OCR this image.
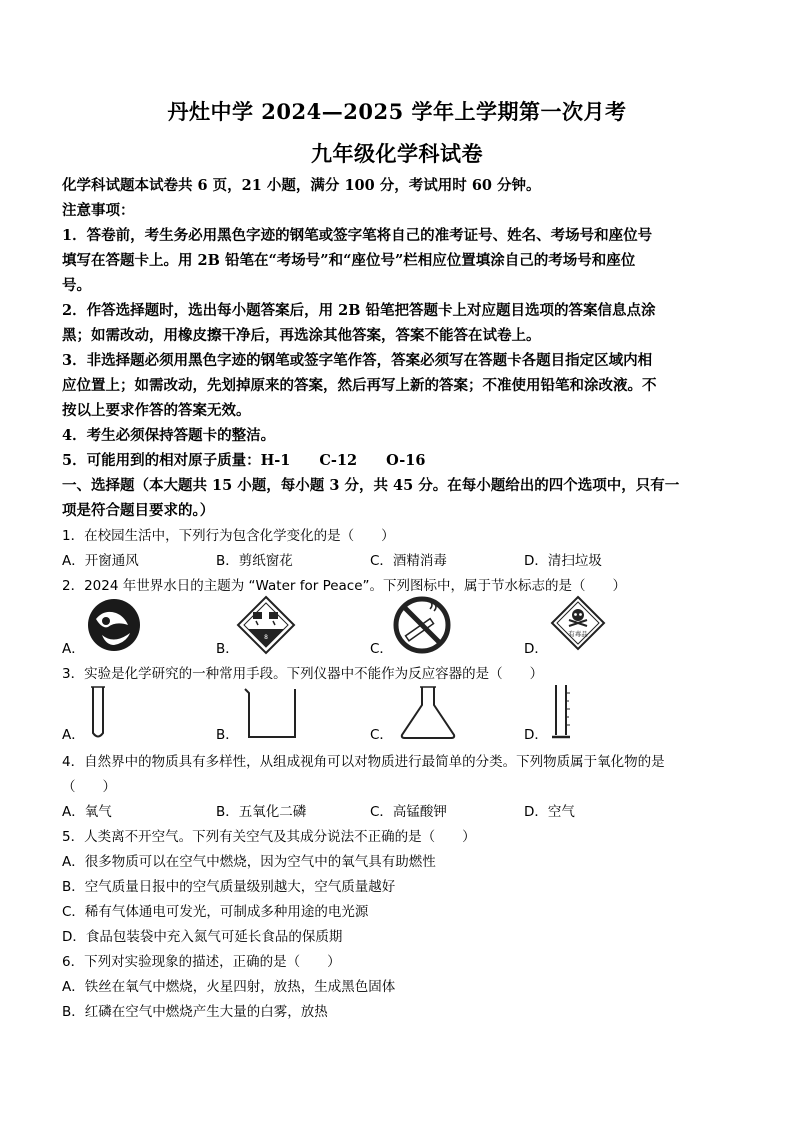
丹灶中学 2024—2025 学年上学期第一次月考
九年级化学科试卷
化学科试题本试卷共 6 页，21 小题，满分 100 分，考试用时 60 分钟。
注意事项：
1．答卷前，考生务必用黑色字迹的钢笔或签字笔将自己的准考证号、姓名、考场号和座位号
填写在答题卡上。用 2B 铅笔在“考场号”和“座位号”栏相应位置填涂自己的考场号和座位
号。
2．作答选择题时，选出每小题答案后，用 2B 铅笔把答题卡上对应题目选项的答案信息点涂
黑；如需改动，用橡皮擦干净后，再选涂其他答案，答案不能答在试卷上。
3．非选择题必须用黑色字迹的钢笔或签字笔作答，答案必须写在答题卡各题目指定区域内相
应位置上；如需改动，先划掉原来的答案，然后再写上新的答案；不准使用铅笔和涂改液。不
按以上要求作答的答案无效。
4．考生必须保持答题卡的整洁。
5．可能用到的相对原子质量：H-1　　C-12　　O-16
一、选择题（本大题共 15 小题，每小题 3 分，共 45 分。在每小题给出的四个选项中，只有一
项是符合题目要求的。）
1．在校园生活中，下列行为包含化学变化的是（　　）
A．开窗通风	B．剪纸窗花	C．酒精消毒	D．清扫垃圾
2．2024 年世界水日的主题为 “Water for Peace”。下列图标中，属于节水标志的是（　　）
A．	B．
8
C．	D．
有毒品
3．实验是化学研究的一种常用手段。下列仪器中不能作为反应容器的是（　　）
A．	B．	C．	D．
4．自然界中的物质具有多样性，从组成视角可以对物质进行最简单的分类。下列物质属于氧化物的是
（　　）
A．氧气	B．五氧化二磷	C．高锰酸钾	D．空气
5．人类离不开空气。下列有关空气及其成分说法不正确的是（　　）
A．很多物质可以在空气中燃烧，因为空气中的氧气具有助燃性
B．空气质量日报中的空气质量级别越大，空气质量越好
C．稀有气体通电可发光，可制成多种用途的电光源
D．食品包装袋中充入氮气可延长食品的保质期
6．下列对实验现象的描述，正确的是（　　）
A．铁丝在氧气中燃烧，火星四射，放热，生成黑色固体
B．红磷在空气中燃烧产生大量的白雾，放热
